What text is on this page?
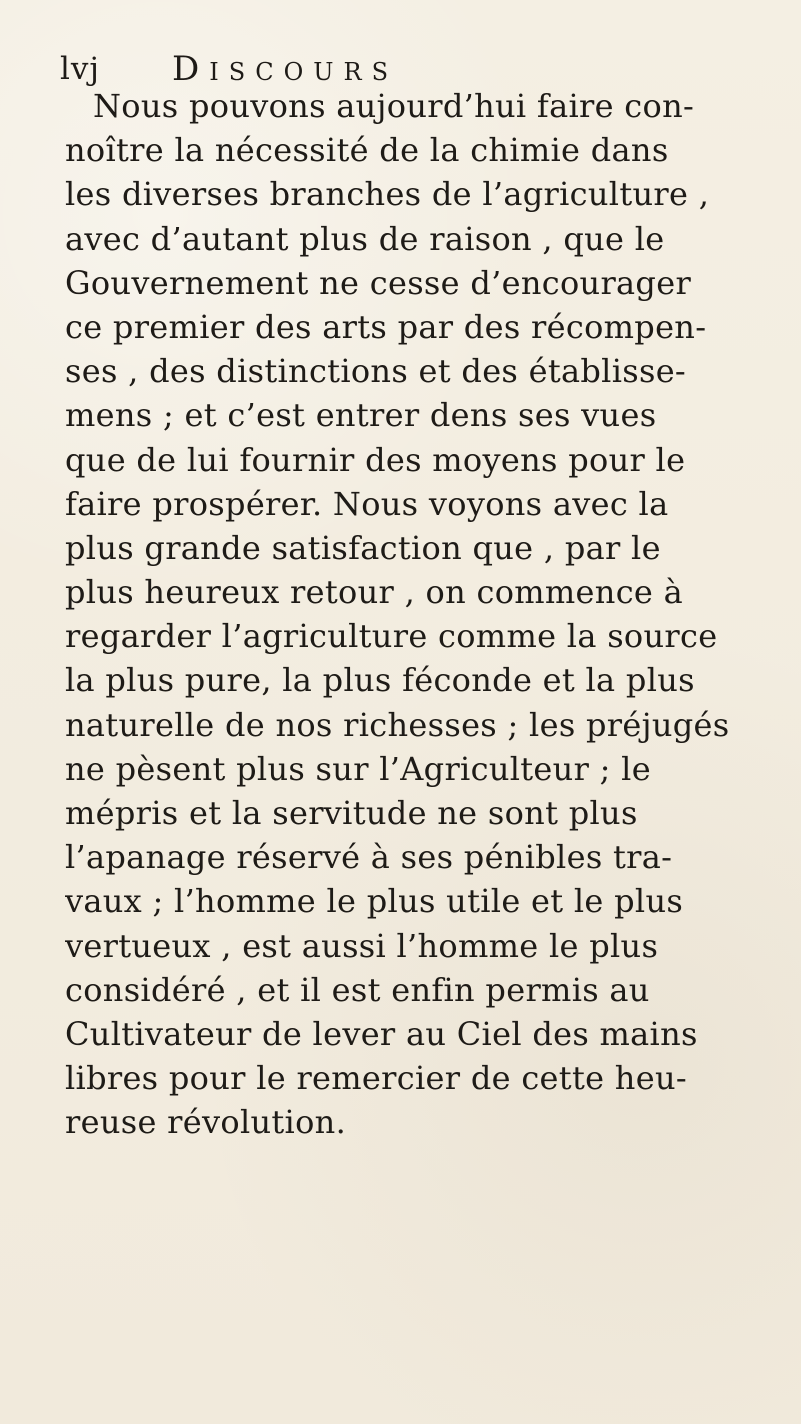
lvj Discours
Nous pouvons aujourd’hui faire con-
noître la nécessité de la chimie dans
les diverses branches de l’agriculture ,
avec d’autant plus de raison , que le
Gouvernement ne cesse d’encourager
ce premier des arts par des récompen-
ses , des distinctions et des établisse-
mens ; et c’est entrer dens ses vues
que de lui fournir des moyens pour le
faire prospérer. Nous voyons avec la
plus grande satisfaction que , par le
plus heureux retour , on commence à
regarder l’agriculture comme la source
la plus pure, la plus féconde et la plus
naturelle de nos richesses ; les préjugés
ne pèsent plus sur l’Agriculteur ; le
mépris et la servitude ne sont plus
l’apanage réservé à ses pénibles tra-
vaux ; l’homme le plus utile et le plus
vertueux , est aussi l’homme le plus
considéré , et il est enfin permis au
Cultivateur de lever au Ciel des mains
libres pour le remercier de cette heu-
reuse révolution.
